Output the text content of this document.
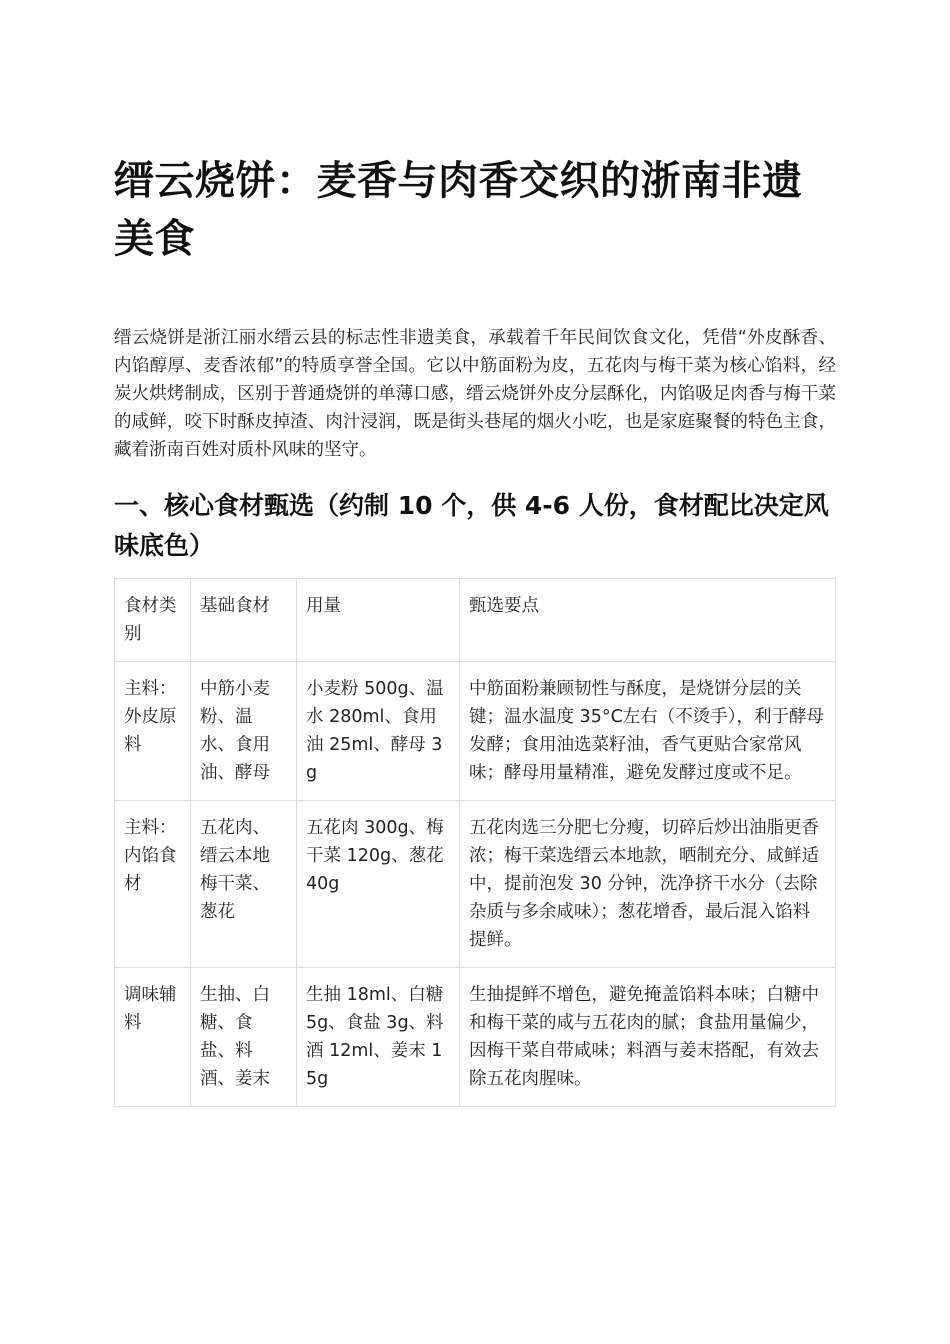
缙云烧饼：麦香与肉香交织的浙南非遗美食

缙云烧饼是浙江丽水缙云县的标志性非遗美食，承载着千年民间饮食文化，凭借“外皮酥香、内馅醇厚、麦香浓郁”的特质享誉全国。它以中筋面粉为皮，五花肉与梅干菜为核心馅料，经炭火烘烤制成，区别于普通烧饼的单薄口感，缙云烧饼外皮分层酥化，内馅吸足肉香与梅干菜的咸鲜，咬下时酥皮掉渣、肉汁浸润，既是街头巷尾的烟火小吃，也是家庭聚餐的特色主食，藏着浙南百姓对质朴风味的坚守。

一、核心食材甄选（约制 10 个，供 4-6 人份，食材配比决定风味底色）
食材类别	基础食材	用量	甄选要点
主料：外皮原料	中筋小麦粉、温水、食用油、酵母	小麦粉 500g、温水 280ml、食用油 25ml、酵母 3g	中筋面粉兼顾韧性与酥度，是烧饼分层的关键；温水温度 35°C左右（不烫手），利于酵母发酵；食用油选菜籽油，香气更贴合家常风味；酵母用量精准，避免发酵过度或不足。
主料：内馅食材	五花肉、缙云本地梅干菜、葱花	五花肉 300g、梅干菜 120g、葱花 40g	五花肉选三分肥七分瘦，切碎后炒出油脂更香浓；梅干菜选缙云本地款，晒制充分、咸鲜适中，提前泡发 30 分钟，洗净挤干水分（去除杂质与多余咸味）；葱花增香，最后混入馅料提鲜。
调味辅料	生抽、白糖、食盐、料酒、姜末	生抽 18ml、白糖 5g、食盐 3g、料酒 12ml、姜末 15g	生抽提鲜不增色，避免掩盖馅料本味；白糖中和梅干菜的咸与五花肉的腻；食盐用量偏少，因梅干菜自带咸味；料酒与姜末搭配，有效去除五花肉腥味。
